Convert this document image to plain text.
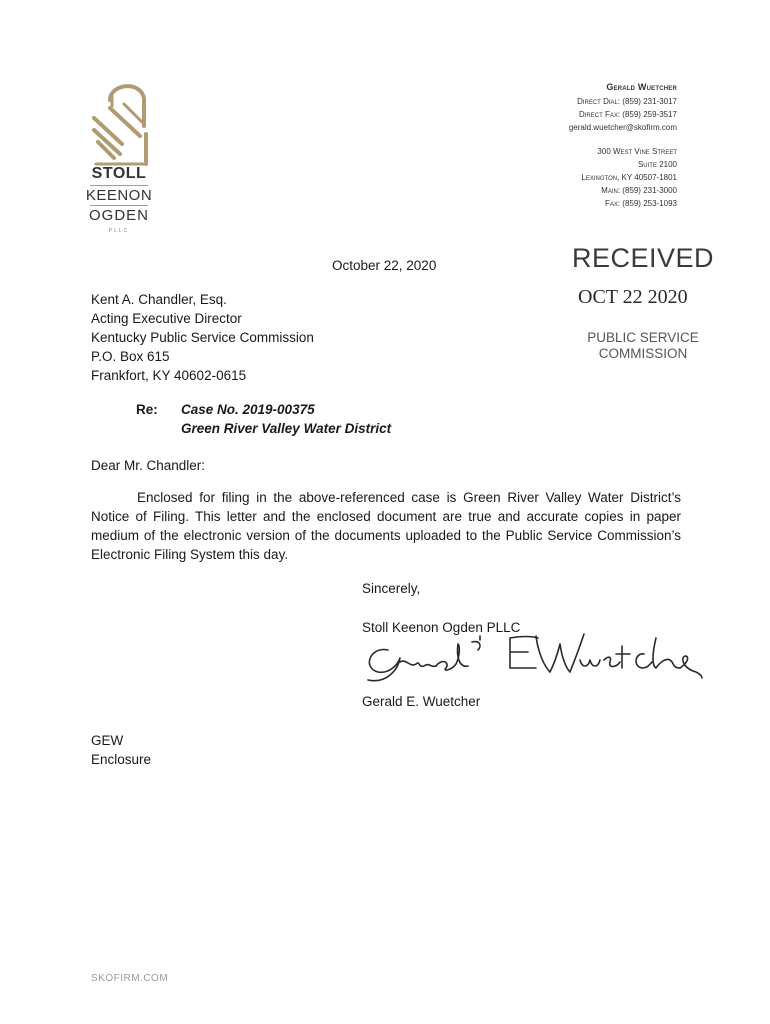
STOLL
KEENON
OGDEN
PLLC
Gerald Wuetcher
Direct Dial: (859) 231-3017
Direct Fax: (859) 259-3517
gerald.wuetcher@skofirm.com
300 West Vine Street
Suite 2100
Lexington, KY 40507-1801
Main: (859) 231-3000
Fax: (859) 253-1093
RECEIVED
OCT 22 2020
PUBLIC SERVICE
COMMISSION
October 22, 2020
Kent A. Chandler, Esq.
Acting Executive Director
Kentucky Public Service Commission
P.O. Box 615
Frankfort, KY 40602-0615
Re: Case No. 2019-00375
Green River Valley Water District
Dear Mr. Chandler:
Enclosed for filing in the above-referenced case is Green River Valley Water District’s Notice of Filing. This letter and the enclosed document are true and accurate copies in paper medium of the electronic version of the documents uploaded to the Public Service Commission’s Electronic Filing System this day.
Sincerely,
Stoll Keenon Ogden PLLC
Gerald E. Wuetcher
GEW
Enclosure
SKOFIRM.COM
